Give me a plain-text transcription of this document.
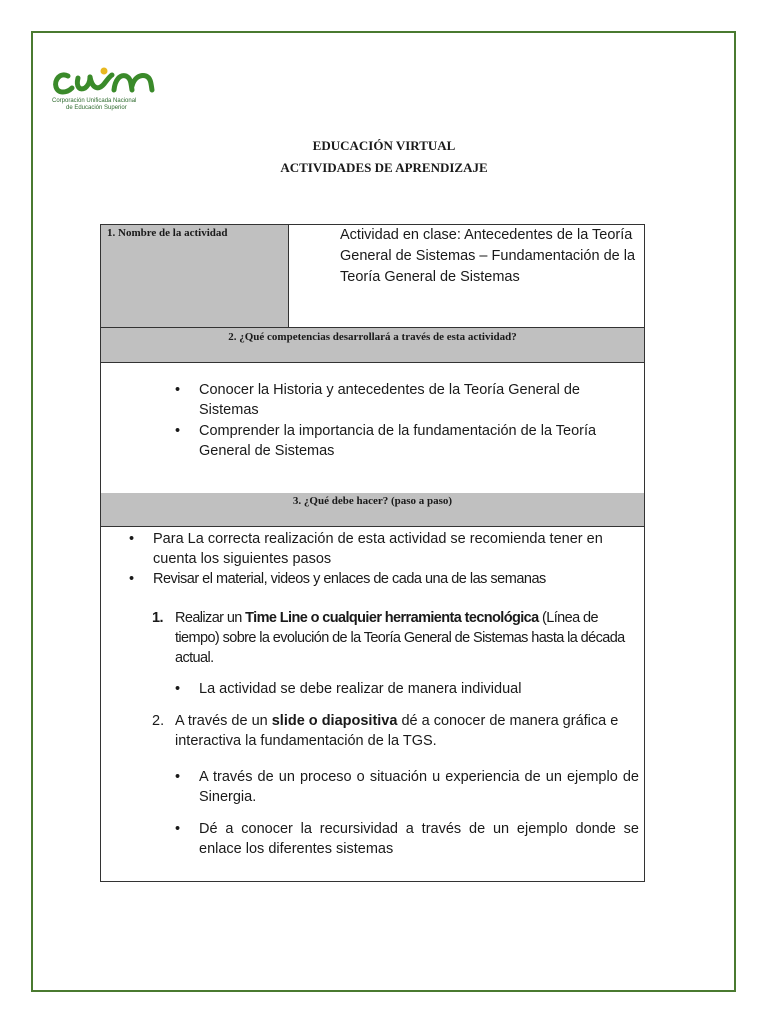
cun
Corporación Unificada Nacional
de Educación Superior
EDUCACIÓN VIRTUAL
ACTIVIDADES DE APRENDIZAJE
1. Nombre de la actividad	Actividad en clase: Antecedentes de la Teoría General de Sistemas – Fundamentación de la Teoría General de Sistemas
2. ¿Qué competencias desarrollará a través de esta actividad?
• Conocer la Historia y antecedentes de la Teoría General de Sistemas
• Comprender la importancia de la fundamentación de la Teoría General de Sistemas
3. ¿Qué debe hacer? (paso a paso)
• Para La correcta realización de esta actividad se recomienda tener en cuenta los siguientes pasos
• Revisar el material, videos y enlaces de cada una de las semanas
1. Realizar un Time Line o cualquier herramienta tecnológica (Línea de tiempo) sobre la evolución de la Teoría General de Sistemas hasta la década actual.
• La actividad se debe realizar de manera individual
2. A través de un slide o diapositiva dé a conocer de manera gráfica e interactiva la fundamentación de la TGS.
• A través de un proceso o situación u experiencia de un ejemplo de Sinergia.
• Dé a conocer la recursividad a través de un ejemplo donde se enlace los diferentes sistemas
